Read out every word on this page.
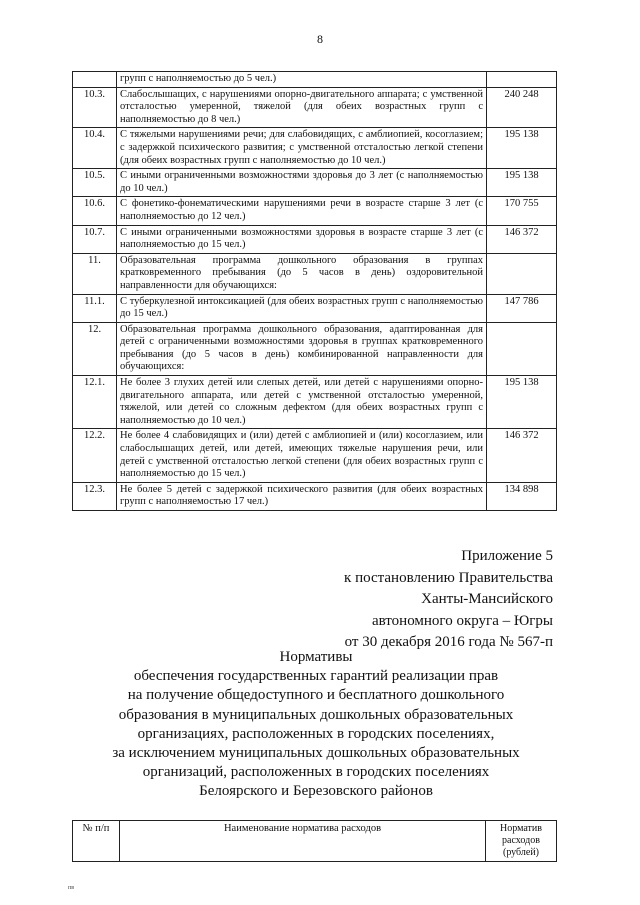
8
	групп с наполняемостью до 5 чел.)	
10.3.	Слабослышащих, с нарушениями опорно-двигательного аппарата; с умственной отсталостью умеренной, тяжелой (для обеих возрастных групп с наполняемостью до 8 чел.)	240 248
10.4.	С тяжелыми нарушениями речи; для слабовидящих, с амблиопией, косоглазием; с задержкой психического развития; с умственной отсталостью легкой степени (для обеих возрастных групп с наполняемостью до 10 чел.)	195 138
10.5.	С иными ограниченными возможностями здоровья до 3 лет (с наполняемостью до 10 чел.)	195 138
10.6.	С фонетико-фонематическими нарушениями речи в возрасте старше 3 лет (с наполняемостью до 12 чел.)	170 755
10.7.	С иными ограниченными возможностями здоровья в возрасте старше 3 лет (с наполняемостью до 15 чел.)	146 372
11.	Образовательная программа дошкольного образования в группах кратковременного пребывания (до 5 часов в день) оздоровительной направленности для обучающихся:	
11.1.	С туберкулезной интоксикацией (для обеих возрастных групп с наполняемостью до 15 чел.)	147 786
12.	Образовательная программа дошкольного образования, адаптированная для детей с ограниченными возможностями здоровья в группах кратковременного пребывания (до 5 часов в день) комбинированной направленности для обучающихся:	
12.1.	Не более 3 глухих детей или слепых детей, или детей с нарушениями опорно-двигательного аппарата, или детей с умственной отсталостью умеренной, тяжелой, или детей со сложным дефектом (для обеих возрастных групп с наполняемостью до 10 чел.)	195 138
12.2.	Не более 4 слабовидящих и (или) детей с амблиопией и (или) косоглазием, или слабослышащих детей, или детей, имеющих тяжелые нарушения речи, или детей с умственной отсталостью легкой степени (для обеих возрастных групп с наполняемостью до 15 чел.)	146 372
12.3.	Не более 5 детей с задержкой психического развития (для обеих возрастных групп с наполняемостью 17 чел.)	134 898
Приложение 5
к постановлению Правительства
Ханты-Мансийского
автономного округа – Югры
от 30 декабря 2016 года № 567-п
Нормативы
обеспечения государственных гарантий реализации прав
на получение общедоступного и бесплатного дошкольного
образования в муниципальных дошкольных образовательных
организациях, расположенных в городских поселениях,
за исключением муниципальных дошкольных образовательных
организаций, расположенных в городских поселениях
Белоярского и Березовского районов
№ п/п	Наименование норматива расходов	Норматив расходов (рублей)
пв
